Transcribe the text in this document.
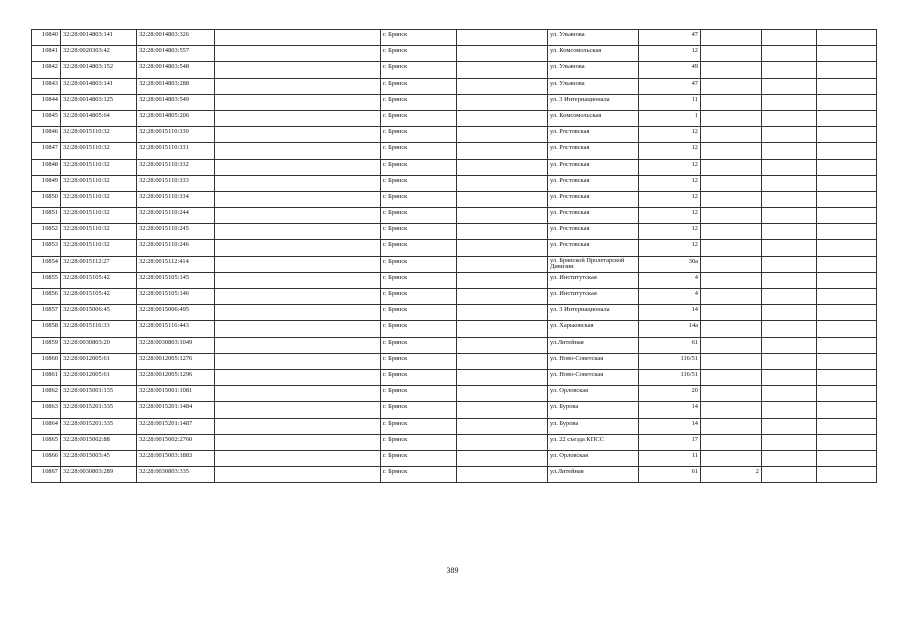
10840	32:28:0014803:141	32:28:0014803:326		г. Брянск		ул. Ульянова	47			
10841	32:28:0020303:42	32:28:0014803:557		г. Брянск		ул. Комсомольская	12			
10842	32:28:0014803:152	32:28:0014803:548		г. Брянск		ул. Ульянова	49			
10843	32:28:0014803:141	32:28:0014803:288		г. Брянск		ул. Ульянова	47			
10844	32:28:0014803:125	32:28:0014803:549		г. Брянск		ул. 3 Интернационала	11			
10845	32:28:0014805:64	32:28:0014805:206		г. Брянск		ул. Комсомольская	1			
10846	32:28:0015110:32	32:28:0015110:330		г. Брянск		ул. Ростовская	12			
10847	32:28:0015110:32	32:28:0015110:331		г. Брянск		ул. Ростовская	12			
10848	32:28:0015110:32	32:28:0015110:332		г. Брянск		ул. Ростовская	12			
10849	32:28:0015110:32	32:28:0015110:333		г. Брянск		ул. Ростовская	12			
10850	32:28:0015110:32	32:28:0015110:334		г. Брянск		ул. Ростовская	12			
10851	32:28:0015110:32	32:28:0015110:244		г. Брянск		ул. Ростовская	12			
10852	32:28:0015110:32	32:28:0015110:245		г. Брянск		ул. Ростовская	12			
10853	32:28:0015110:32	32:28:0015110:246		г. Брянск		ул. Ростовская	12			
10854	32:28:0015112:27	32:28:0015112:414		г. Брянск		ул. Брянской Пролетарской Дивизии	30а			
10855	32:28:0015105:42	32:28:0015105:145		г. Брянск		ул. Институтская	4			
10856	32:28:0015105:42	32:28:0015105:146		г. Брянск		ул. Институтская	4			
10857	32:28:0015006:45	32:28:0015006:495		г. Брянск		ул. 3 Интернационала	14			
10858	32:28:0015116:33	32:28:0015116:443		г. Брянск		ул. Харьковская	14а			
10859	32:28:0030803:20	32:28:0030803:1049		г. Брянск		ул.Литейная	61			
10860	32:28:0012005:61	32:28:0012005:1276		г. Брянск		ул. Ново-Советская	116/51			
10861	32:28:0012005:61	32:28:0012005:1296		г. Брянск		ул. Ново-Советская	116/51			
10862	32:28:0015001:135	32:28:0015001:1081		г. Брянск		ул. Орловская	20			
10863	32:28:0015201:335	32:28:0015201:1484		г. Брянск		ул. Бурова	14			
10864	32:28:0015201:335	32:28:0015201:1487		г. Брянск		ул. Бурова	14			
10865	32:28:0015002:88	32:28:0015002:2760		г. Брянск		ул. 22 съезда КПСС	17			
10866	32:28:0015003:45	32:28:0015003:1883		г. Брянск		ул. Орловская	11			
10867	32:28:0030803:289	32:28:0030803:335		г. Брянск		ул.Литейная	61	2		
389
